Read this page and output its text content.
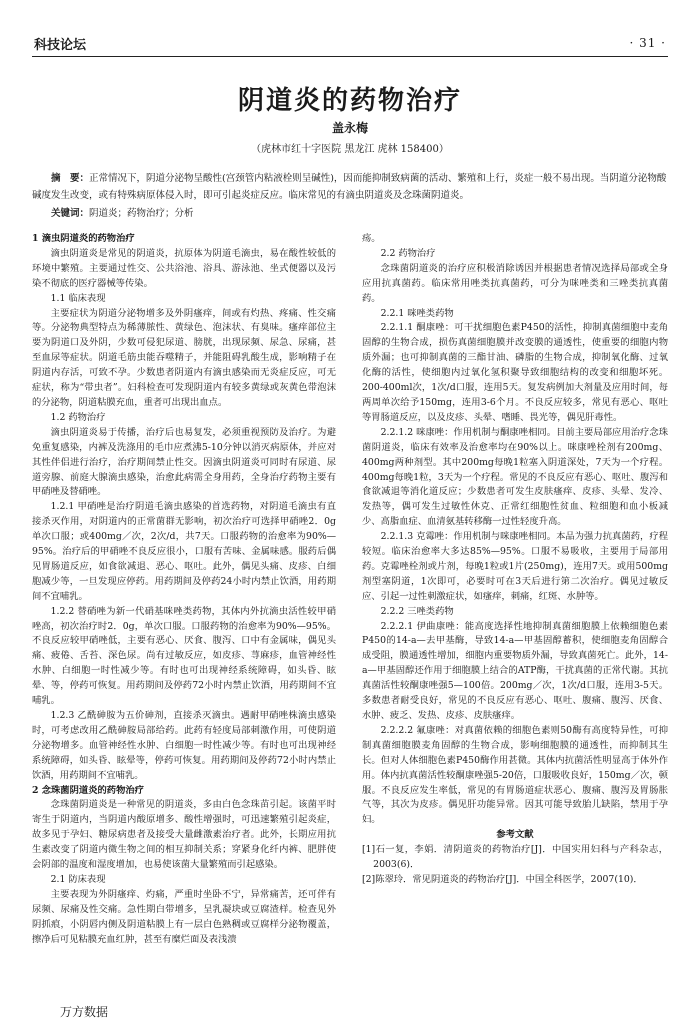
科技论坛	· 31 ·
阴道炎的药物治疗
盖永梅
（虎林市红十字医院 黑龙江 虎林 158400）
摘　要：正常情况下，阴道分泌物呈酸性(宫颈管内粘液栓则呈碱性)，因而能抑制致病菌的活动、繁殖和上行，炎症一般不易出现。当阴道分泌物酸碱度发生改变，或有特殊病原体侵入时，即可引起炎症反应。临床常见的有滴虫阴道炎及念珠菌阴道炎。
关键词：阴道炎；药物治疗；分析

1 滴虫阴道炎的药物治疗

滴虫阴道炎是常见的阴道炎，抗原体为阴道毛滴虫，易在酸性较低的环境中繁殖。主要通过性交、公共浴池、浴具、游泳池、坐式便器以及污染不彻底的医疗器械等传染。

1.1 临床表现

主要症状为阴道分泌物增多及外阴瘙痒，间或有灼热、疼痛、性交痛等。分泌物典型特点为稀薄脓性、黄绿色、泡沫状、有臭味。瘙痒部位主要为阴道口及外阴，少数可侵犯尿道、膀胱，出现尿频、尿急、尿痛，甚至血尿等症状。阴道毛筋虫能吞噬精子，并能阻碍乳酸生成，影响精子在阴道内存活，可致不孕。少数患者阴道内有滴虫感染而无炎症反应，可无症状，称为“带虫者”。妇科检查可发现阴道内有较多黄绿或灰黄色带泡沫的分泌物，阴道粘膜充血，重者可出现出血点。

1.2 药物治疗

滴虫阴道炎易于传播，治疗后也易复发，必须重视预防及治疗。为避免重复感染，内裤及洗涤用的毛巾应煮沸5-10分钟以消灭病原体，并应对其性伴侣进行治疗，治疗期间禁止性交。因滴虫阴道炎可同时有尿道、尿道旁腺、前庭大腺滴虫感染，治愈此病需全身用药，全身治疗药物主要有甲硝唑及替硝唑。

1.2.1 甲硝唑是治疗阴道毛滴虫感染的首选药物，对阴道毛滴虫有直接杀灭作用，对阴道内的正常菌群无影响，初次治疗可选择甲硝唑2．0g单次口服；或400mg／次，2次/d，共7天。口服药物的治愈率为90%—95%。治疗后的甲硝唑不良反应很小，口服有苦味、金属味感。服药后偶见胃肠道反应，如食欲减退、恶心、呕吐。此外，偶见头痛、皮疹、白细胞减少等，一旦发现应停药。用药期间及停药24小时内禁止饮酒，用药期间不宜哺乳。

1.2.2 替硝唑为新一代硝基咪唑类药物，其体内外抗滴虫活性较甲硝唑高，初次治疗时2．0g，单次口服。口服药物的治愈率为90%—95%。不良反应较甲硝唑低，主要有恶心、厌食、腹泻、口中有金属味，偶见头痛、疲倦、舌苔、深色尿。尚有过敏反应，如皮疹、荨麻疹，血管神经性水肿、白细胞一时性减少等。有时也可出现神经系统障碍，如头昏、眩晕、等，停药可恢复。用药期间及停药72小时内禁止饮酒，用药期间不宜哺乳。

1.2.3 乙酰砷胺为五价砷剂，直接杀灭滴虫。遇耐甲硝唑株滴虫感染时，可考虑改用乙酰砷胺局部给药。此药有轻度局部刺激作用，可使阴道分泌物增多。血管神经性水肿、白细胞一时性减少等。有时也可出现神经系统障碍，如头昏、眩晕等，停药可恢复。用药期间及停药72小时内禁止饮酒，用药期间不宜哺乳。

2 念珠菌阴道炎的药物治疗

念珠菌阴道炎是一种常见的阴道炎，多由白色念珠苗引起。该菌平时寄生于阴道内，当阴道内酸原增多、酸性增强时，可迅速繁殖引起炎症，故多见于孕妇、糖尿病患者及接受大量雌激素治疗者。此外，长期应用抗生素改变了阴道内微生物之间的相互抑制关系；穿紧身化纤内裤、肥胖使会阴部的温度和湿度增加，也易使该菌大量繁殖而引起感染。

2.1 防床表现

主要表现为外阴瘙痒、灼痛，严重时坐卧不宁，异常痛苦，还可伴有尿频、尿痛及性交痛。急性期白带增多，呈乳凝块或豆腐渣样。检查见外阴抓痕，小阴唇内侧及阴道粘膜上有一层白色熟稠或豆腐样分泌物覆盖，擦净后可见粘膜充血红肿，甚至有糜烂面及表浅溃

疡。

2.2 药物治疗

念珠菌阴道炎的治疗应积极消除诱因并根据患者情况选择局部或全身应用抗真菌药。临床常用唑类抗真菌药，可分为咪唑类和三唑类抗真菌药。

2.2.1 咪唑类药物

2.2.1.1 酮康唑：可干扰细胞色素P450的活性，抑制真菌细胞中麦角固醇的生物合成，损伤真菌细胞膜并改变膜的通透性，使重要的细胞内物质外漏；也可抑制真菌的三酯甘油、磷脂的生物合成，抑制氧化酶、过氧化酶的活性，使细胞内过氧化氢积聚导致细胞结构的改变和细胞坏死。200-400ml次，1次/d口服，连用5天。复发病例加大剂量及应用时间，每两周单次给予150mg，连用3-6个月。不良反应较多，常见有恶心、呕吐等胃肠道反应，以及皮疹、头晕、嗜睡、畏光等，偶见肝毒性。

2.2.1.2 咪康唑：作用机制与酮康唑相同。目前主要局部应用治疗念珠菌阴道炎，临床有效率及治愈率均在90%以上。咪康唑栓剂有200mg、400mg两种剂型。其中200mg每晚1粒塞入阴道深处，7天为一个疗程。400mg每晚1粒，3天为一个疗程。常见的不良反应有恶心、呕吐、腹泻和食欲减退等消化道反应；少数患者可发生皮肤瘙痒、皮疹、头晕、发冷、发热等，偶可发生过敏性休克、正常红细胞性贫血、粒细胞和血小板减少、高脂血症、血清氨基转移酶一过性轻度升高。

2.2.1.3 克霉唑：作用机制与咪康唑相同。本品为强力抗真菌药，疗程较短。临床治愈率大多达85%—95%。口服不易吸收，主要用于局部用药。克霉唑栓剂或片剂，每晚1粒或1片(250mg)，连用7天。或用500mg剂型塞阴道，1次即可，必要时可在3天后进行第二次治疗。偶见过敏反应、引起一过性刺激症状，如瘙痒，刺痛，红斑、水肿等。

2.2.2 三唑类药物

2.2.2.1 伊曲康唑：能高度选择性地抑制真菌细胞膜上依赖细胞色素P450的14-a—去甲基酶，导致14-a—甲基固醇蓄积，使细胞麦角固醇合成受阻，膜通透性增加，细胞内重要物质外漏，导致真菌死亡。此外，14-a—甲基固醇还作用于细胞膜上结合的ATP酶，干扰真菌的正常代谢。其抗真菌活性较酮康唑强5—100倍。200mg／次，1次/d口服，连用3-5天。多数患者耐受良好，常见的不良反应有恶心、呕吐、腹痛、腹泻、厌食、水肿、疲乏、发热、皮疹、皮肤瘙痒。

2.2.2.2 氟康唑：对真菌依赖的细胞色素则50酶有高度特异性，可抑制真菌细胞膜麦角固醇的生物合成，影响细胞膜的通透性，而抑制其生长。但对人体细胞色素P450酶作用甚微。其体内抗菌活性明显高于体外作用。体内抗真菌活性较酮康唑强5-20倍，口服吸收良好，150mg／次，顿服。不良反应发生率低，常见的有胃肠道症状恶心、腹痛、腹泻及胃肠胀气等，其次为皮疹。偶见肝功能异常。因其可能导致胎儿缺陷，禁用于孕妇。

参考文献

[1]石一复，李娟．清阴道炎的药物治疗[J]．中国实用妇科与产科杂志，2003(6)．

[2]陈翠玲．常见阴道炎的药物治疗[J]．中国全科医学，2007(10)．

万方数据
